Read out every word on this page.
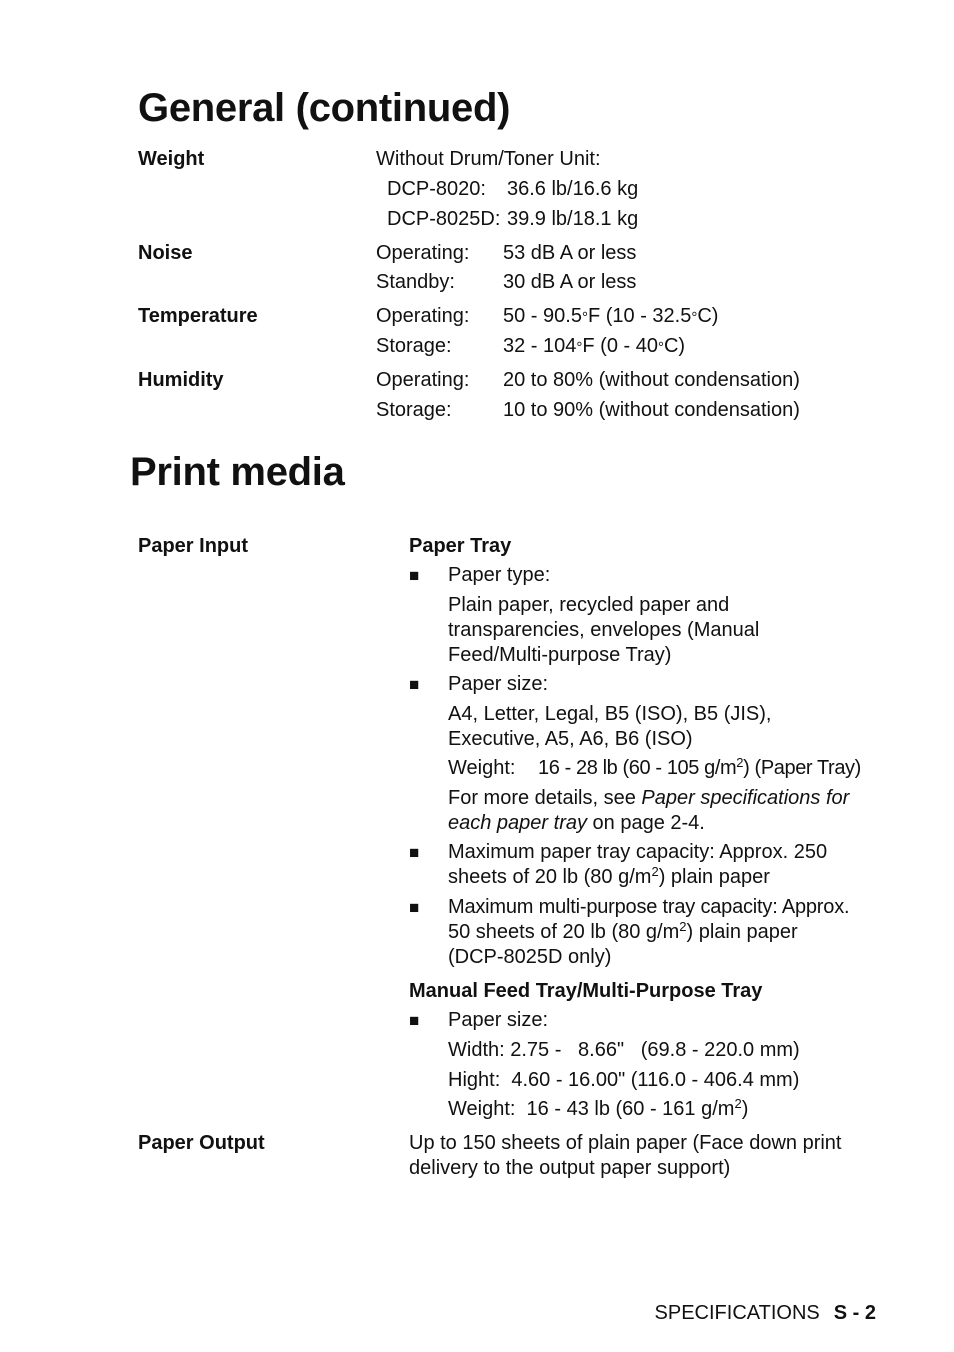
General (continued)
Weight	Without Drum/Toner Unit:
DCP-8020: 36.6 lb/16.6 kg
DCP-8025D: 39.9 lb/18.1 kg
Noise	Operating: 53 dB A or less
Standby: 30 dB A or less
Temperature	Operating: 50 - 90.5°F (10 - 32.5°C)
Storage:	32 - 104°F (0 - 40°C)
Humidity	Operating: 20 to 80% (without condensation)
Storage:	10 to 90% (without condensation)
Print media
Paper Input	Paper Tray
■ Paper type:
Plain paper, recycled paper and
transparencies, envelopes (Manual
Feed/Multi-purpose Tray)
■ Paper size:
A4, Letter, Legal, B5 (ISO), B5 (JIS),
Executive, A5, A6, B6 (ISO)
Weight: 16 - 28 lb (60 - 105 $g/m^2$) (Paper Tray)
For more details, see Paper specifications for
each paper tray on page 2-4.
■ Maximum paper tray capacity: Approx. 250
sheets of 20 lb (80 $g/m^2$) plain paper
■ Maximum multi-purpose tray capacity: Approx.
50 sheets of 20 lb (80 $g/m^2$) plain paper
(DCP-8025D only)
Manual Feed Tray/Multi-Purpose Tray
■ Paper size:
Width: 2.75 -   8.66"   (69.8 - 220.0 mm)
Hight:  4.60 - 16.00" (116.0 - 406.4 mm)
Weight:  16 - 43 lb (60 - 161 $g/m^2$)
Paper Output	Up to 150 sheets of plain paper (Face down print
delivery to the output paper support)
SPECIFICATIONS S - 2
